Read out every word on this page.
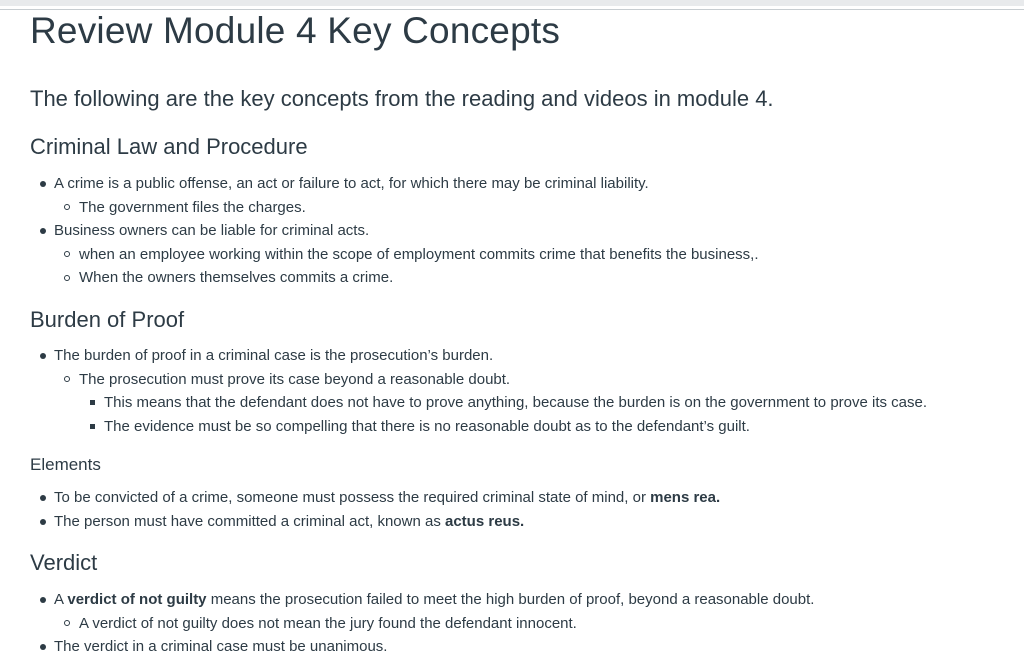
Review Module 4 Key Concepts
The following are the key concepts from the reading and videos in module 4.
Criminal Law and Procedure
A crime is a public offense, an act or failure to act, for which there may be criminal liability.
The government files the charges.
Business owners can be liable for criminal acts.
when an employee working within the scope of employment commits crime that benefits the business,.
When the owners themselves commits a crime.
Burden of Proof
The burden of proof in a criminal case is the prosecution’s burden.
The prosecution must prove its case beyond a reasonable doubt.
This means that the defendant does not have to prove anything, because the burden is on the government to prove its case.
The evidence must be so compelling that there is no reasonable doubt as to the defendant’s guilt.
Elements
To be convicted of a crime, someone must possess the required criminal state of mind, or mens rea.
The person must have committed a criminal act, known as actus reus.
Verdict
A verdict of not guilty means the prosecution failed to meet the high burden of proof, beyond a reasonable doubt.
A verdict of not guilty does not mean the jury found the defendant innocent.
The verdict in a criminal case must be unanimous.
